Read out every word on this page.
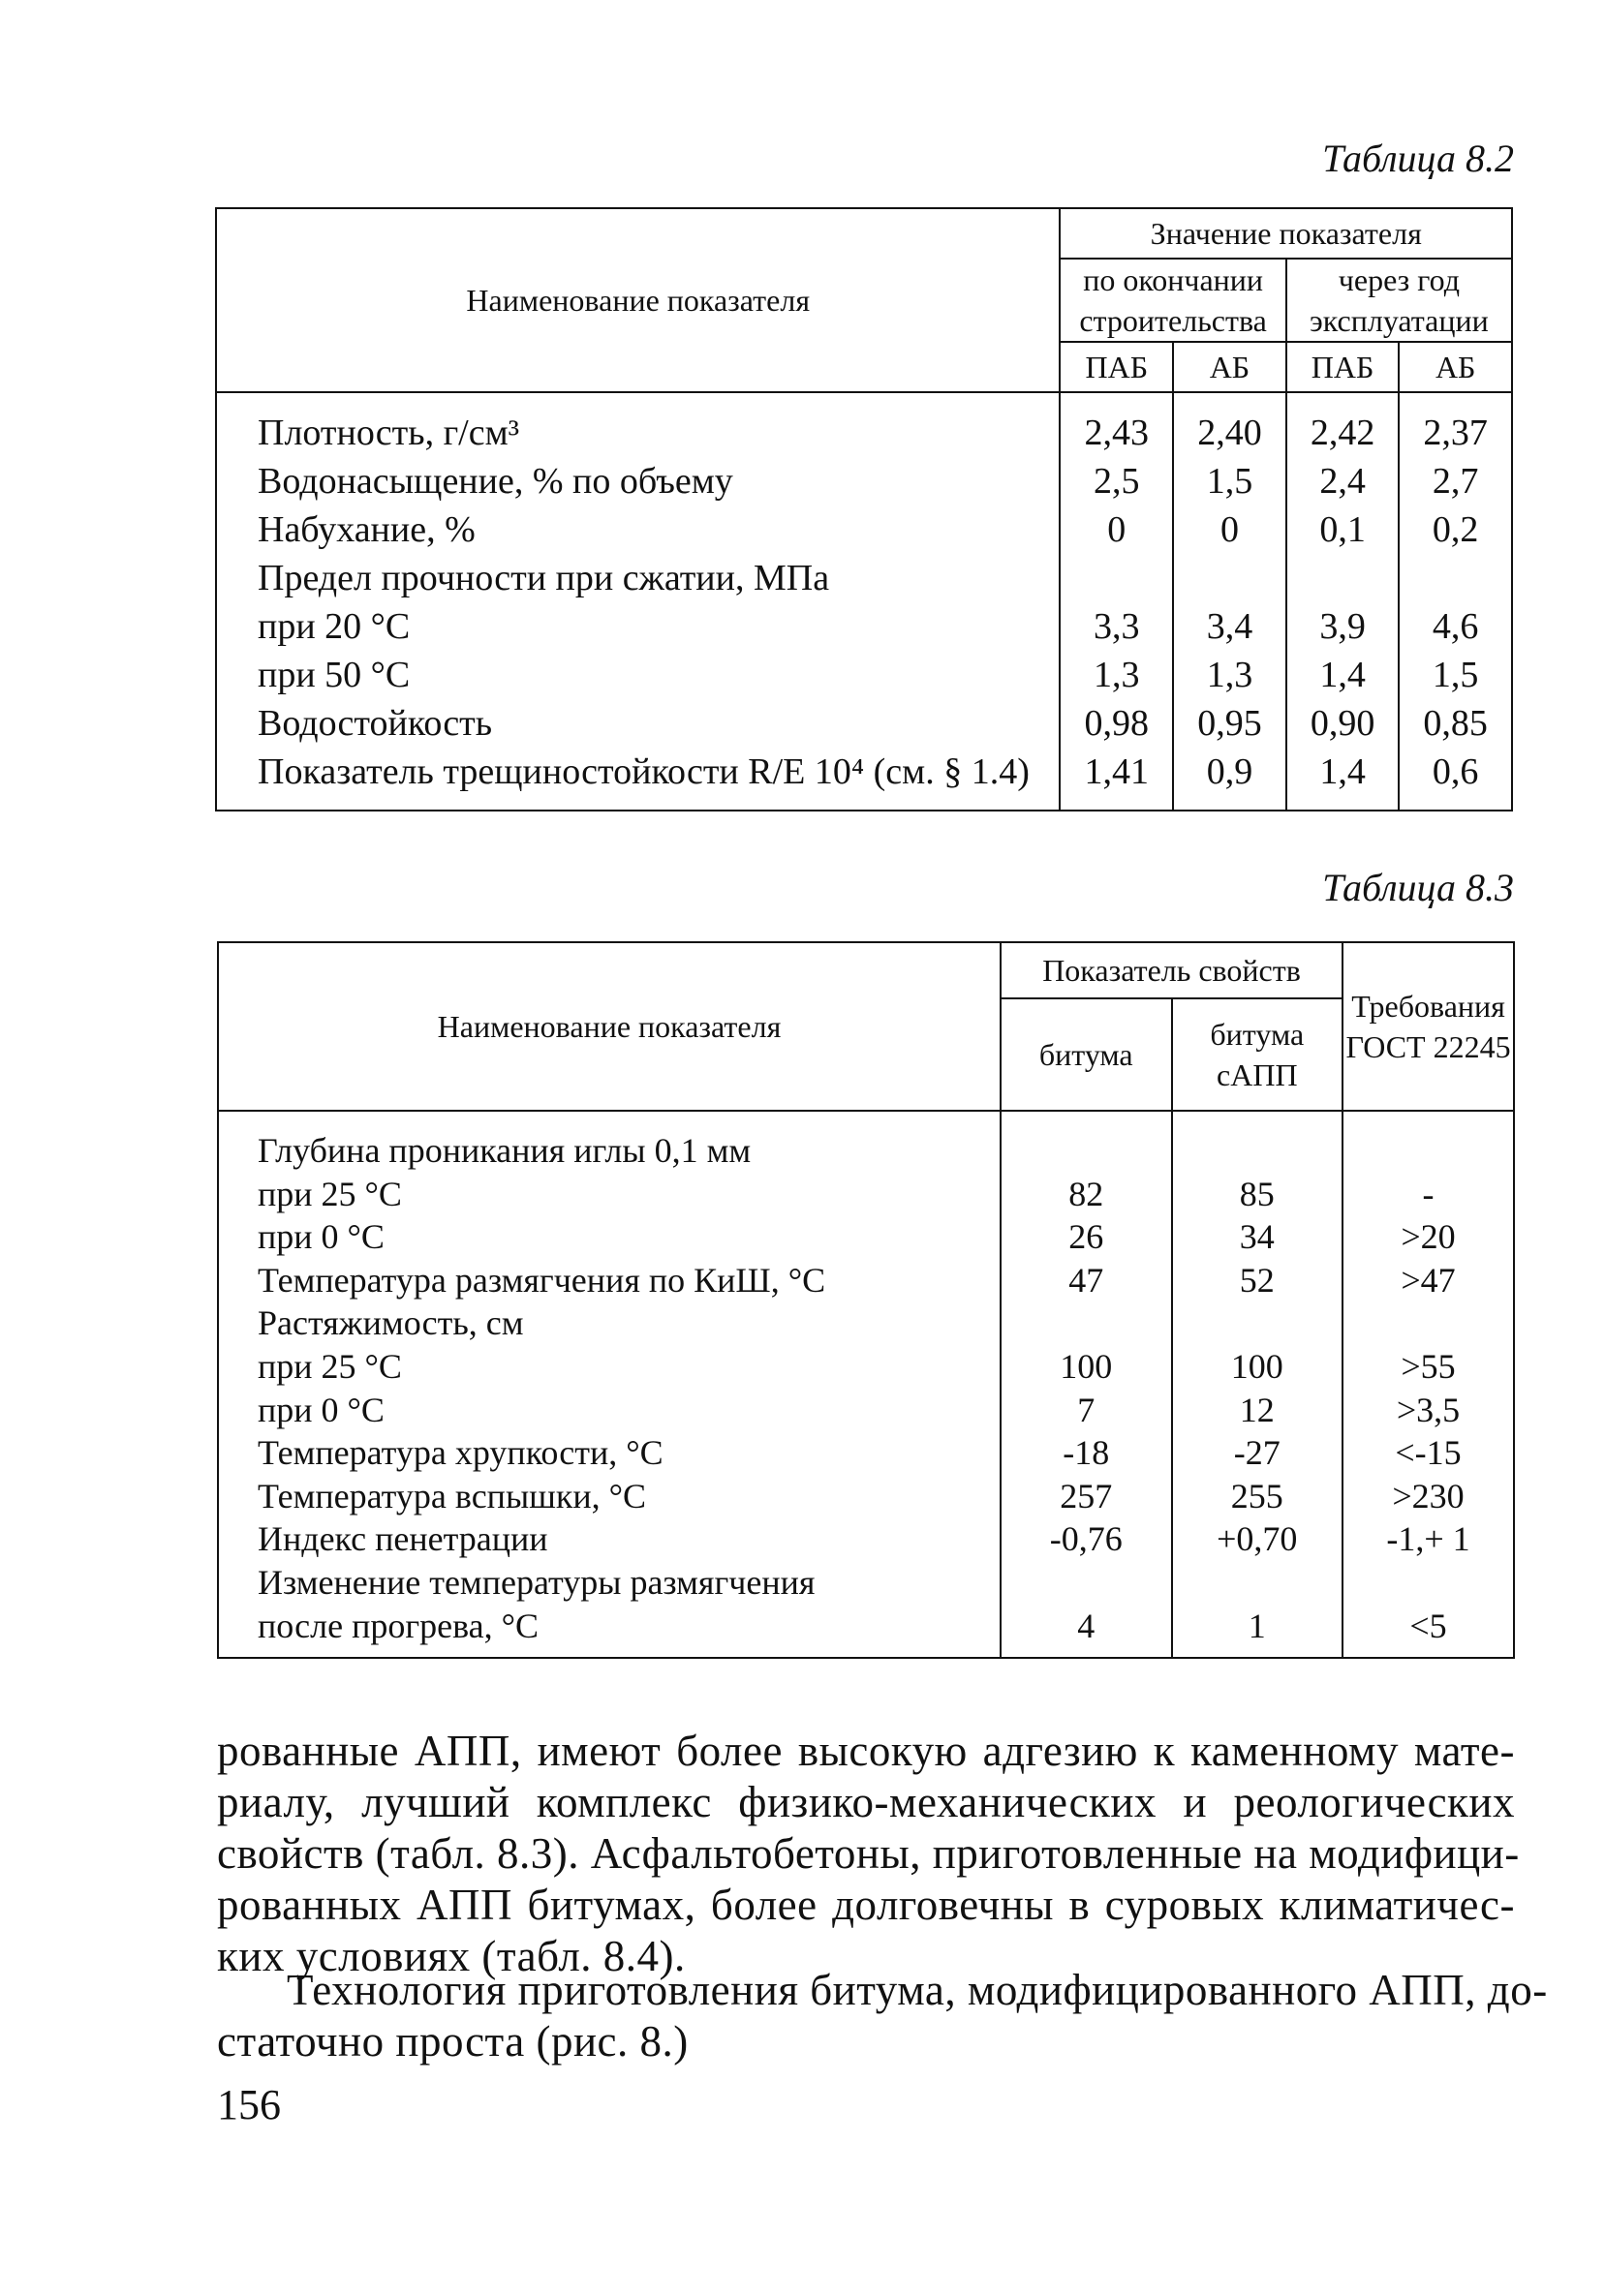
Таблица 8.2
Наименование показателя	Значение показателя			
	по окончании строительства		через год эксплуатации	
	ПАБ	АБ	ПАБ	АБ
Плотность, г/см³	2,43	2,40	2,42	2,37
Водонасыщение, % по объему	2,5	1,5	2,4	2,7
Набухание, %	0	0	0,1	0,2
Предел прочности при сжатии, МПа				
при 20 °С	3,3	3,4	3,9	4,6
при 50 °С	1,3	1,3	1,4	1,5
Водостойкость	0,98	0,95	0,90	0,85
Показатель трещиностойкости R/E 10⁴ (см. § 1.4)	1,41	0,9	1,4	0,6
Таблица 8.3
Наименование показателя	Показатель свойств		Требования ГОСТ 22245
	битума	битума сАПП	
Глубина проникания иглы 0,1 мм			
при 25 °С	82	85	-
при 0 °С	26	34	>20
Температура размягчения по КиШ, °С	47	52	>47
Растяжимость, см			
при 25 °С	100	100	>55
при 0 °С	7	12	>3,5
Температура хрупкости, °С	-18	-27	<-15
Температура вспышки, °С	257	255	>230
Индекс пенетрации	-0,76	+0,70	-1,+ 1
Изменение температуры размягчения			
после прогрева, °С	4	1	<5
рованные АПП, имеют более высокую адгезию к каменному мате-
риалу, лучший комплекс физико-механических и реологических
свойств (табл. 8.3). Асфальтобетоны, приготовленные на модифици-
рованных АПП битумах, более долговечны в суровых климатичес-
ких условиях (табл. 8.4).
Технология приготовления битума, модифицированного АПП, до-
статочно проста (рис. 8.)
156
